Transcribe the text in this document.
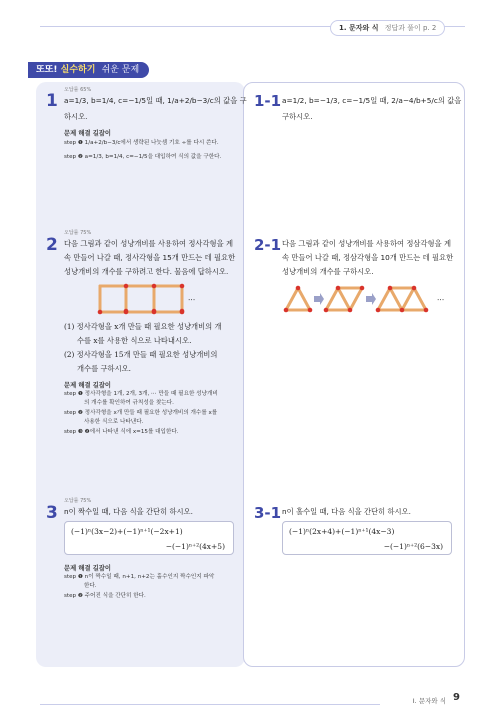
1. 문자와 식 정답과 풀이 p. 2
또또! 실수하기 쉬운 문제
오답률 65%
1 a=1/3, b=1/4, c=−1/5일 때, 1/a+2/b−3/c의 값을 구
하시오.
문제 해결 길잡이
step ❶ 1/a+2/b−3/c에서 생략된 나눗셈 기호 ÷를 다시 쓴다.
step ❷ a=1/3, b=1/4, c=−1/5을 대입하여 식의 값을 구한다.
1-1 a=1/2, b=−1/3, c=−1/5일 때, 2/a−4/b+5/c의 값을
구하시오.
오답률 75%
2 다음 그림과 같이 성냥개비를 사용하여 정사각형을 계
속 만들어 나갈 때, 정사각형을 15개 만드는 데 필요한
성냥개비의 개수를 구하려고 한다. 물음에 답하시오.
⋯
(1) 정사각형을 x개 만들 때 필요한 성냥개비의 개
수를 x를 사용한 식으로 나타내시오.
(2) 정사각형을 15개 만들 때 필요한 성냥개비의
개수를 구하시오.
문제 해결 길잡이
step ❶ 정사각형을 1개, 2개, 3개, ⋯ 만들 때 필요한 성냥개비
의 개수를 확인하여 규칙성을 찾는다.
step ❷ 정사각형을 x개 만들 때 필요한 성냥개비의 개수를 x를
사용한 식으로 나타낸다.
step ❸ ❷에서 나타낸 식에 x=15를 대입한다.
2-1 다음 그림과 같이 성냥개비를 사용하여 정삼각형을 계
속 만들어 나갈 때, 정삼각형을 10개 만드는 데 필요한
성냥개비의 개수를 구하시오.
⋯
오답률 75%
3 n이 짝수일 때, 다음 식을 간단히 하시오.
(−1)ⁿ(3x−2)+(−1)ⁿ⁺¹(−2x+1)
−(−1)ⁿ⁺²(4x+5)
문제 해결 길잡이
step ❶ n이 짝수일 때, n+1, n+2는 홀수인지 짝수인지 파악
한다.
step ❷ 주어진 식을 간단히 한다.
3-1 n이 홀수일 때, 다음 식을 간단히 하시오.
(−1)ⁿ(2x+4)+(−1)ⁿ⁺¹(4x−3)
−(−1)ⁿ⁺²(6−3x)
I. 문자와 식 9
